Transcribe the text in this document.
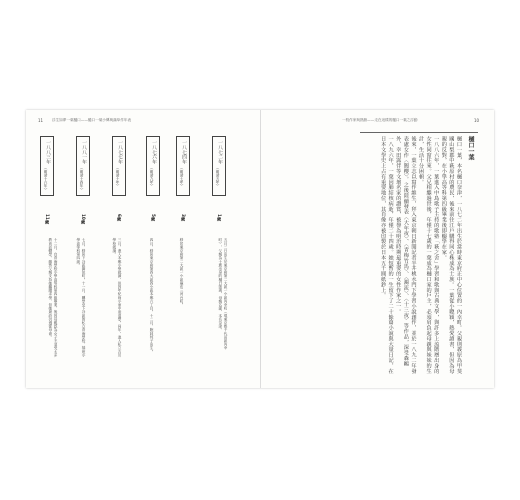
11 浮生如夢一葉樋口——樋口一葉小傳與滿草作年表
一八七二年
（明治五年）
1歲
五月二日出生於東京府第二大區一小區內幸町（現東京都千代田區內幸町），父親為士族出身的樋口則義，母親名瀧，本名奈津。
一八七四年
（明治七年）
3歲
移居東京府第二大區一小區麻布三河台町。
一八七六年
（明治九年）
5歲
四月，移居東京府第四大區四小區本鄉六丁目。十二月，胞妹邦子出生。
一八七七年
（明治十年）
6歲
三月，進入本鄉小學就讀，但因年紀尚小而中途退學。同年，進入私立吉川學校就讀。
一八八一年
（明治十四年）
10歲
七月，移居下谷區御徒町。十一月，轉學至下谷區的私立青海學校，插班小學高等科第四級。
一八八三年
（明治十六年）
11歲
十二月，自青海學校小學高等科第四級畢業，後因母親認為女子不須受太多教育而輟學。雖然父親支持她繼續求學，但她最終仍遵從母命。
一枝作家與熱銷——走在這樣的樋口一葉之浮動	10
樋口一葉

樋口一葉，本名樋口奈津，一八七二年出生於當時東京府正中心位置的一內幸町。父親則義原為甲斐國山梨郡中萩原村的農民，後來前往江戶購得同心株成為士族。一葉從小聰穎，熱愛讀書，但因為母親的反對，在小學高等科第四級畢業後即輟學在家。

一八八六年，一葉進入中島歌子主持的歌塾「萩之舍」學習和歌與古典文學，與許多上流階層出身的女性同窗往來。父兄相繼過世後，年僅十七歲的一葉成為樋口家的戶主，必須肩負起母親與妹妹的生計，生活十分困頓。

後來，一葉立志以寫作維生，拜入東京朝日新聞記者半井桃水門下學習小說創作，並於一八九二年發表處女作〈闇櫻〉。之後陸續發表〈大年夜〉、〈青梅竹馬〉、〈濁流〉、〈十三夜〉等作品，深受森鷗外、幸田露伴等文壇名家的讚賞，被譽為明治時期最重要的女性作家之一。

一八九六年，一葉因肺結核病逝，年僅二十四歲。她短暫的一生留下了二十餘篇小說與大量日記，在日本文學史上占有重要地位，其肖像亦被印製於日本五千圓紙鈔上。
